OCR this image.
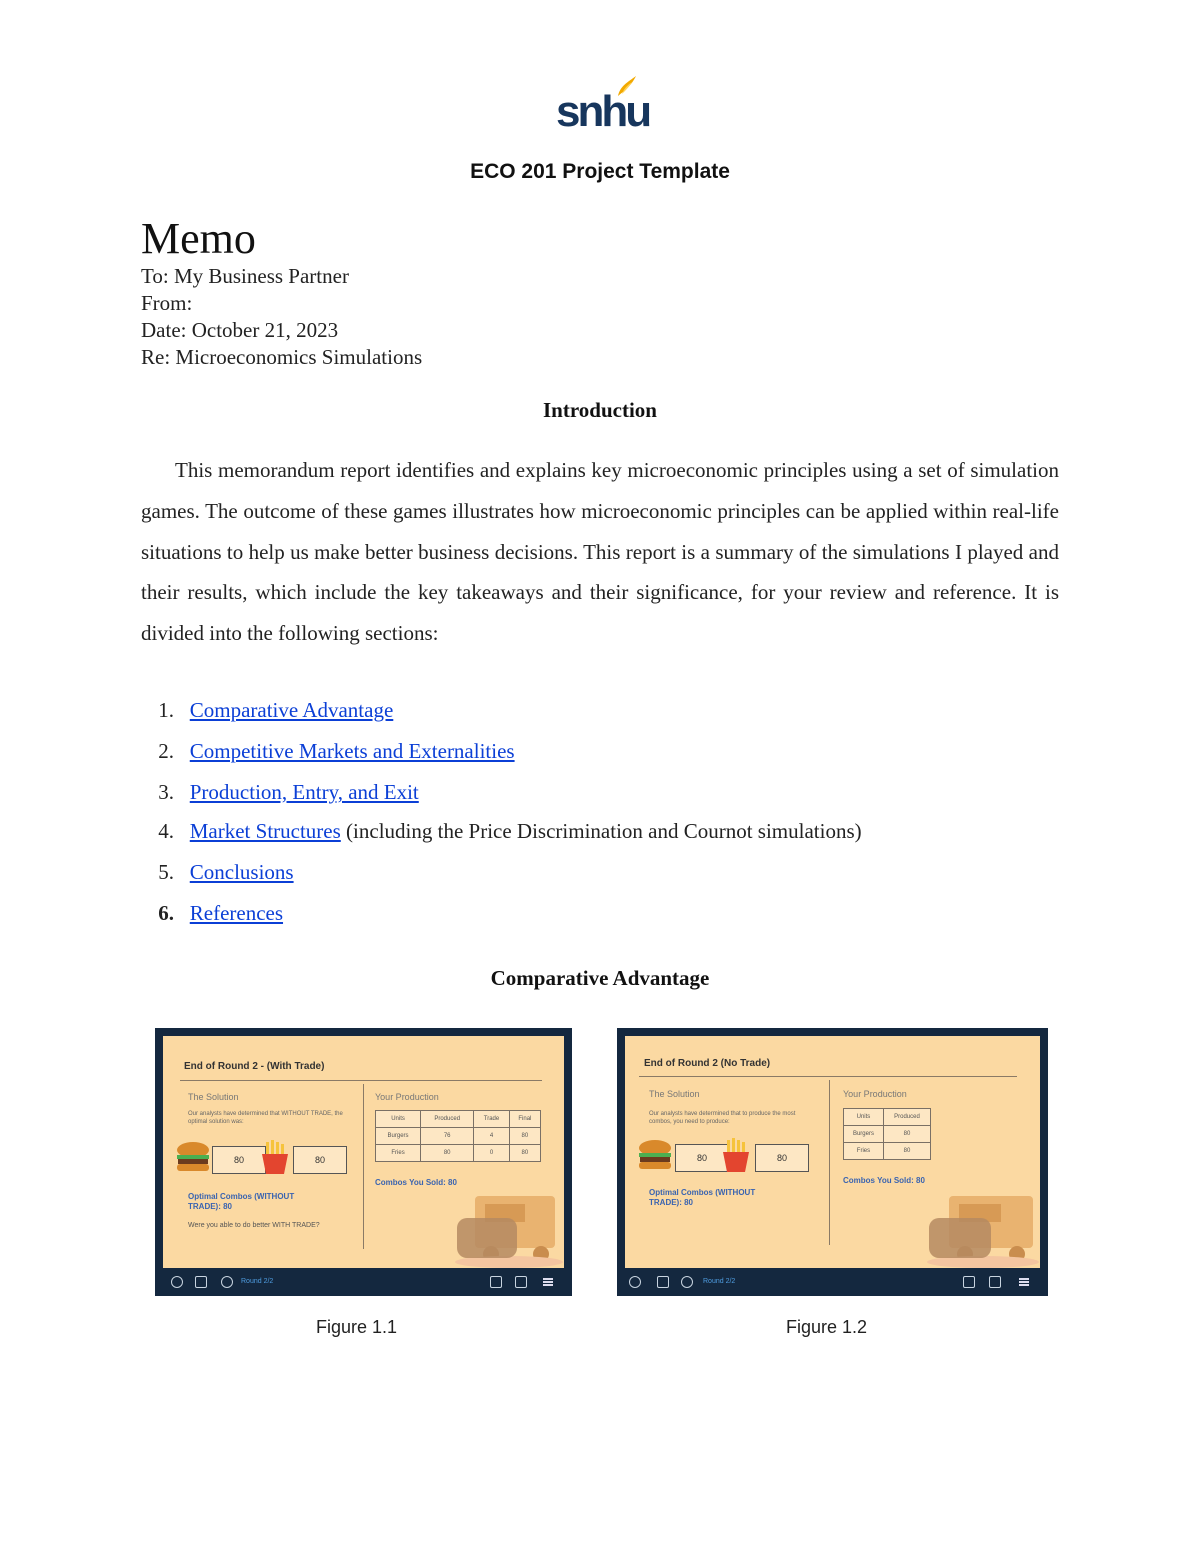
snhu
ECO 201 Project Template
Memo
To: My Business Partner
From:
Date: October 21, 2023
Re: Microeconomics Simulations
Introduction

This memorandum report identifies and explains key microeconomic principles using a set of simulation games. The outcome of these games illustrates how microeconomic principles can be applied within real-life situations to help us make better business decisions. This report is a summary of the simulations I played and their results, which include the key takeaways and their significance, for your review and reference. It is divided into the following sections:

1. Comparative Advantage
2. Competitive Markets and Externalities
3. Production, Entry, and Exit
4. Market Structures (including the Price Discrimination and Cournot simulations)
5. Conclusions
6. References
Comparative Advantage
End of Round 2 - (With Trade)
The Solution
Our analysts have determined that WITHOUT TRADE, the optimal solution was:
80	80
Optimal Combos (WITHOUT TRADE): 80
Were you able to do better WITH TRADE?
Your Production
Units	Produced	Trade	Final
Burgers	76	4	80
Fries	80	0	80
Combos You Sold: 80
Round 2/2
Figure 1.1
End of Round 2 (No Trade)
The Solution
Our analysts have determined that to produce the most combos, you need to produce:
80	80
Optimal Combos (WITHOUT TRADE): 80
Your Production
Units	Produced
Burgers	80
Fries	80
Combos You Sold: 80
Round 2/2
Figure 1.2
